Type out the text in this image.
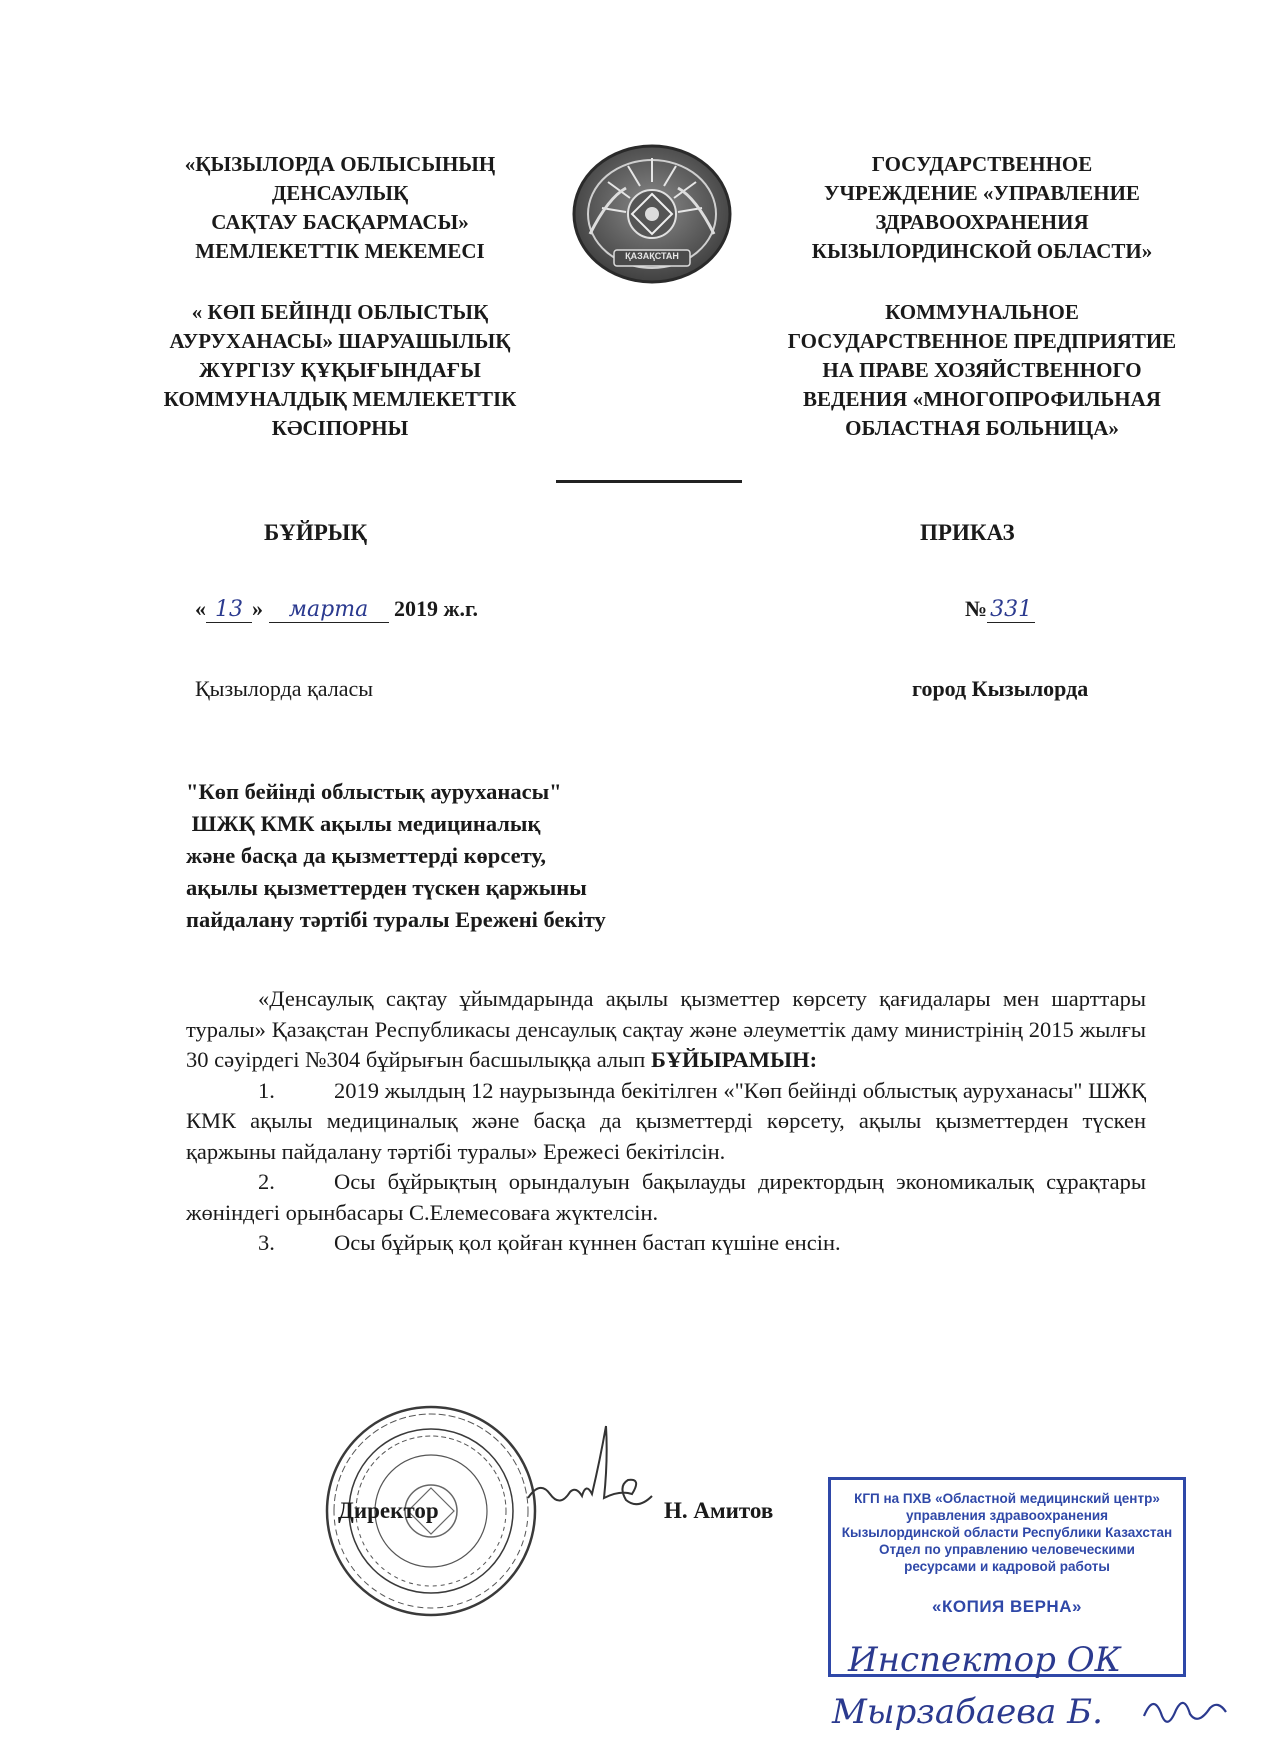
«ҚЫЗЫЛОРДА ОБЛЫСЫНЫҢ
ДЕНСАУЛЫҚ
САҚТАУ БАСҚАРМАСЫ»
МЕМЛЕКЕТТІК МЕКЕМЕСІ
« КӨП БЕЙІНДІ ОБЛЫСТЫҚ
АУРУХАНАСЫ» ШАРУАШЫЛЫҚ
ЖҮРГІЗУ ҚҰҚЫҒЫНДАҒЫ
КОММУНАЛДЫҚ МЕМЛЕКЕТТІК
КӘСІПОРНЫ
ҚАЗАҚСТАН
ГОСУДАРСТВЕННОЕ
УЧРЕЖДЕНИЕ «УПРАВЛЕНИЕ
ЗДРАВООХРАНЕНИЯ
КЫЗЫЛОРДИНСКОЙ ОБЛАСТИ»
КОММУНАЛЬНОЕ
ГОСУДАРСТВЕННОЕ ПРЕДПРИЯТИЕ
НА ПРАВЕ ХОЗЯЙСТВЕННОГО
ВЕДЕНИЯ «МНОГОПРОФИЛЬНАЯ
ОБЛАСТНАЯ БОЛЬНИЦА»
БҰЙРЫҚ	ПРИКАЗ
« 13 » марта 2019 ж.г.	№ 331
Қызылорда қаласы	город Кызылорда
"Көп бейінді облыстық ауруханасы"
ШЖҚ КМК ақылы медициналық
және басқа да қызметтерді көрсету,
ақылы қызметтерден түскен қаржыны
пайдалану тәртібі туралы Ережені бекіту

«Денсаулық сақтау ұйымдарында ақылы қызметтер көрсету қағидалары мен шарттары туралы» Қазақстан Республикасы денсаулық сақтау және әлеуметтік даму министрінің 2015 жылғы 30 сәуірдегі №304 бұйрығын басшылыққа алып БҰЙЫРАМЫН:

1.	2019 жылдың 12 наурызында бекітілген «"Көп бейінді облыстық ауруханасы" ШЖҚ КМК ақылы медициналық және басқа да қызметтерді көрсету, ақылы қызметтерден түскен қаржыны пайдалану тәртібі туралы» Ережесі бекітілсін.

2.	Осы бұйрықтың орындалуын бақылауды директордың экономикалық сұрақтары жөніндегі орынбасары С.Елемесоваға жүктелсін.

3.	Осы бұйрық қол қойған күннен бастап күшіне енсін.

Директор	Н. Амитов	КГП на ПХВ «Областной медицинский центр»
управления здравоохранения
Кызылординской области Республики Казахстан
Отдел по управлению человеческими
ресурсами и кадровой работы
«КОПИЯ ВЕРНА»
Инспектор ОК
Мырзабаева Б.
